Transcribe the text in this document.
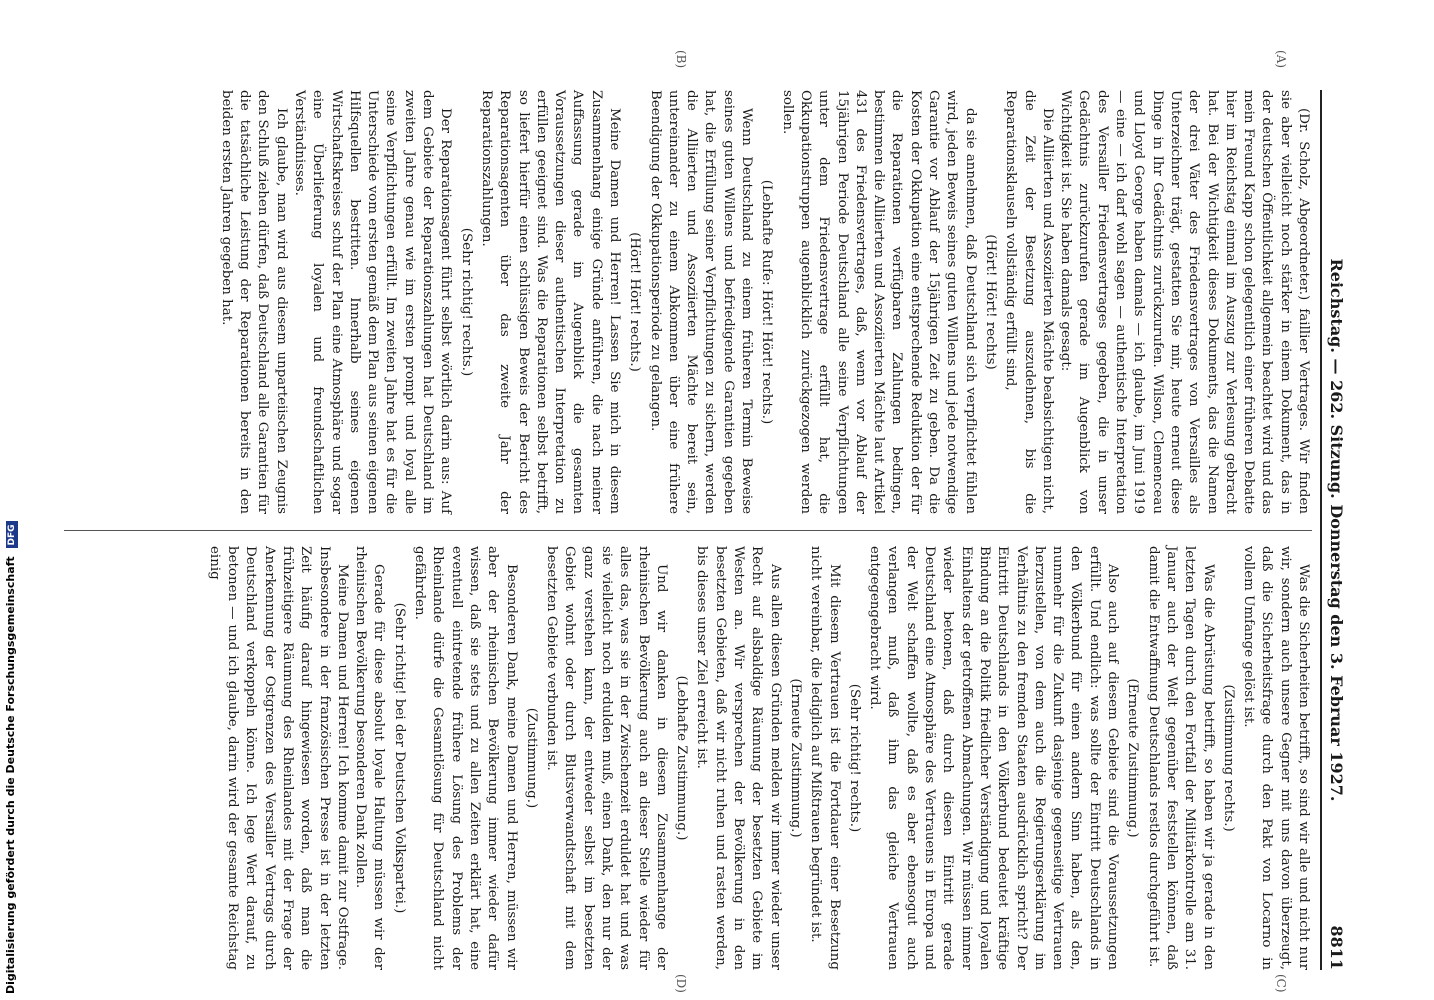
Reichstag. — 262. Sitzung. Donnerstag den 3. Februar 1927.
8811
(A)
(B)
(C)
(D)

(Dr. Scholz, Abgeordneter.) faillier Vertrages. Wir finden sie aber vielleicht noch stärker in einem Dokument, das in der deutschen Öffentlichkeit allgemein beachtet wird und das mein Freund Kapp schon gelegentlich einer früheren Debatte hier im Reichstag einmal im Auszug zur Verlesung gebracht hat. Bei der Wichtigkeit dieses Dokuments, das die Namen der drei Väter des Friedensvertrages von Versailles als Unterzeichner trägt, gestatten Sie mir, heute erneut diese Dinge in Ihr Gedächtnis zurückzurufen. Wilson, Clemenceau und Lloyd George haben damals — ich glaube, im Juni 1919 — eine — ich darf wohl sagen — authentische Interpretation des Versailler Friedensvertrages gegeben, die in unser Gedächtnis zurückzurufen gerade im Augenblick von Wichtigkeit ist. Sie haben damals gesagt:

Die Alliierten und Assoziierten Mächte beabsichtigen nicht, die Zeit der Besetzung auszudehnen, bis die Reparationsklauseln vollständig erfüllt sind,

(Hört! Hört! rechts)

da sie annehmen, daß Deutschland sich verpflichtet fühlen wird, jeden Beweis seines guten Willens und jede notwendige Garantie vor Ablauf der 15jährigen Zeit zu geben. Da die Kosten der Okkupation eine entsprechende Reduktion der für die Reparationen verfügbaren Zahlungen bedingen, bestimmen die Alliierten und Assoziierten Mächte laut Artikel 431 des Friedensvertrages, daß, wenn vor Ablauf der 15jährigen Periode Deutschland alle seine Verpflichtungen unter dem Friedensvertrage erfüllt hat, die Okkupationstruppen augenblicklich zurückgezogen werden sollen.

(Lebhafte Rufe: Hört! Hört! rechts.)

Wenn Deutschland zu einem früheren Termin Beweise seines guten Willens und befriedigende Garantien gegeben hat, die Erfüllung seiner Verpflichtungen zu sichern, werden die Alliierten und Assoziierten Mächte bereit sein, untereinander zu einem Abkommen über eine frühere Beendigung der Okkupationsperiode zu gelangen.

(Hört! Hört! rechts.)

Meine Damen und Herren! Lassen Sie mich in diesem Zusammenhang einige Gründe anführen, die nach meiner Auffassung gerade im Augenblick die gesamten Voraussetzungen dieser authentischen Interpretation zu erfüllen geeignet sind. Was die Reparationen selbst betrifft, so liefert hierfür einen schlüssigen Beweis der Bericht des Reparationsagenten über das zweite Jahr der Reparationszahlungen.

(Sehr richtig! rechts.)

Der Reparationsagent führt selbst wörtlich darin aus: Auf dem Gebiete der Reparationszahlungen hat Deutschland im zweiten Jahre genau wie im ersten prompt und loyal alle seine Verpflichtungen erfüllt. Im zweiten Jahre hat es für die Unterschiede vom ersten gemäß dem Plan aus seinen eigenen Hilfsquellen bestritten. Innerhalb seines eigenen Wirtschaftskreises schuf der Plan eine Atmosphäre und sogar eine Überlieferung loyalen und freundschaftlichen Verständnisses.

Ich glaube, man wird aus diesem unparteiischen Zeugnis den Schluß ziehen dürfen, daß Deutschland alle Garantien für die tatsächliche Leistung der Reparationen bereits in den beiden ersten Jahren gegeben hat.

Was die Sicherheiten betrifft, so sind wir alle und nicht nur wir, sondern auch unsere Gegner mit uns davon überzeugt, daß die Sicherheitsfrage durch den Pakt von Locarno in vollem Umfange gelöst ist.

(Zustimmung rechts.)

Was die Abrüstung betrifft, so haben wir ja gerade in den letzten Tagen durch den Fortfall der Militärkontrolle am 31. Januar auch der Welt gegenüber feststellen können, daß damit die Entwaffnung Deutschlands restlos durchgeführt ist.

(Erneute Zustimmung.)

Also auch auf diesem Gebiete sind die Voraussetzungen erfüllt. Und endlich: was sollte der Eintritt Deutschlands in den Völkerbund für einen andern Sinn haben, als den, nunmehr für die Zukunft dasjenige gegenseitige Vertrauen herzustellen, von dem auch die Regierungserklärung im Verhältnis zu den fremden Staaten ausdrücklich spricht? Der Eintritt Deutschlands in den Völkerbund bedeutet kräftige Bindung an die Politik friedlicher Verständigung und loyalen Einhaltens der getroffenen Abmachungen. Wir müssen immer wieder betonen, daß durch diesen Eintritt gerade Deutschland eine Atmosphäre des Vertrauens in Europa und der Welt schaffen wollte, daß es aber ebensogut auch verlangen muß, daß ihm das gleiche Vertrauen entgegengebracht wird.

(Sehr richtig! rechts.)

Mit diesem Vertrauen ist die Fortdauer einer Besetzung nicht vereinbar, die lediglich auf Mißtrauen begründet ist.

(Erneute Zustimmung.)

Aus allen diesen Gründen melden wir immer wieder unser Recht auf alsbaldige Räumung der besetzten Gebiete im Westen an. Wir versprechen der Bevölkerung in den besetzten Gebieten, daß wir nicht ruhen und rasten werden, bis dieses unser Ziel erreicht ist.

(Lebhafte Zustimmung.)

Und wir danken in diesem Zusammenhange der rheinischen Bevölkerung auch an dieser Stelle wieder für alles das, was sie in der Zwischenzeit erduldet hat und was sie vielleicht noch erdulden muß, einen Dank, den nur der ganz verstehen kann, der entweder selbst im besetzten Gebiet wohnt oder durch Blutsverwandtschaft mit dem besetzten Gebiete verbunden ist.

(Zustimmung.)

Besonderen Dank, meine Damen und Herren, müssen wir aber der rheinischen Bevölkerung immer wieder dafür wissen, daß sie stets und zu allen Zeiten erklärt hat, eine eventuell eintretende frühere Lösung des Problems der Rheinlande dürfe die Gesamtlösung für Deutschland nicht gefährden.

(Sehr richtig! bei der Deutschen Volkspartei.)

Gerade für diese absolut loyale Haltung müssen wir der rheinischen Bevölkerung besonderen Dank zollen.

Meine Damen und Herren! Ich komme damit zur Ostfrage. Insbesondere in der französischen Presse ist in der letzten Zeit häufig darauf hingewiesen worden, daß man die frühzeitigere Räumung des Rheinlandes mit der Frage der Anerkennung der Ostgrenzen des Versailler Vertrags durch Deutschland verkoppeln könne. Ich lege Wert darauf, zu betonen — und ich glaube, darin wird der gesamte Reichstag einig

Digitalisierung gefördert durch die Deutsche Forschungsgemeinschaft DFG
